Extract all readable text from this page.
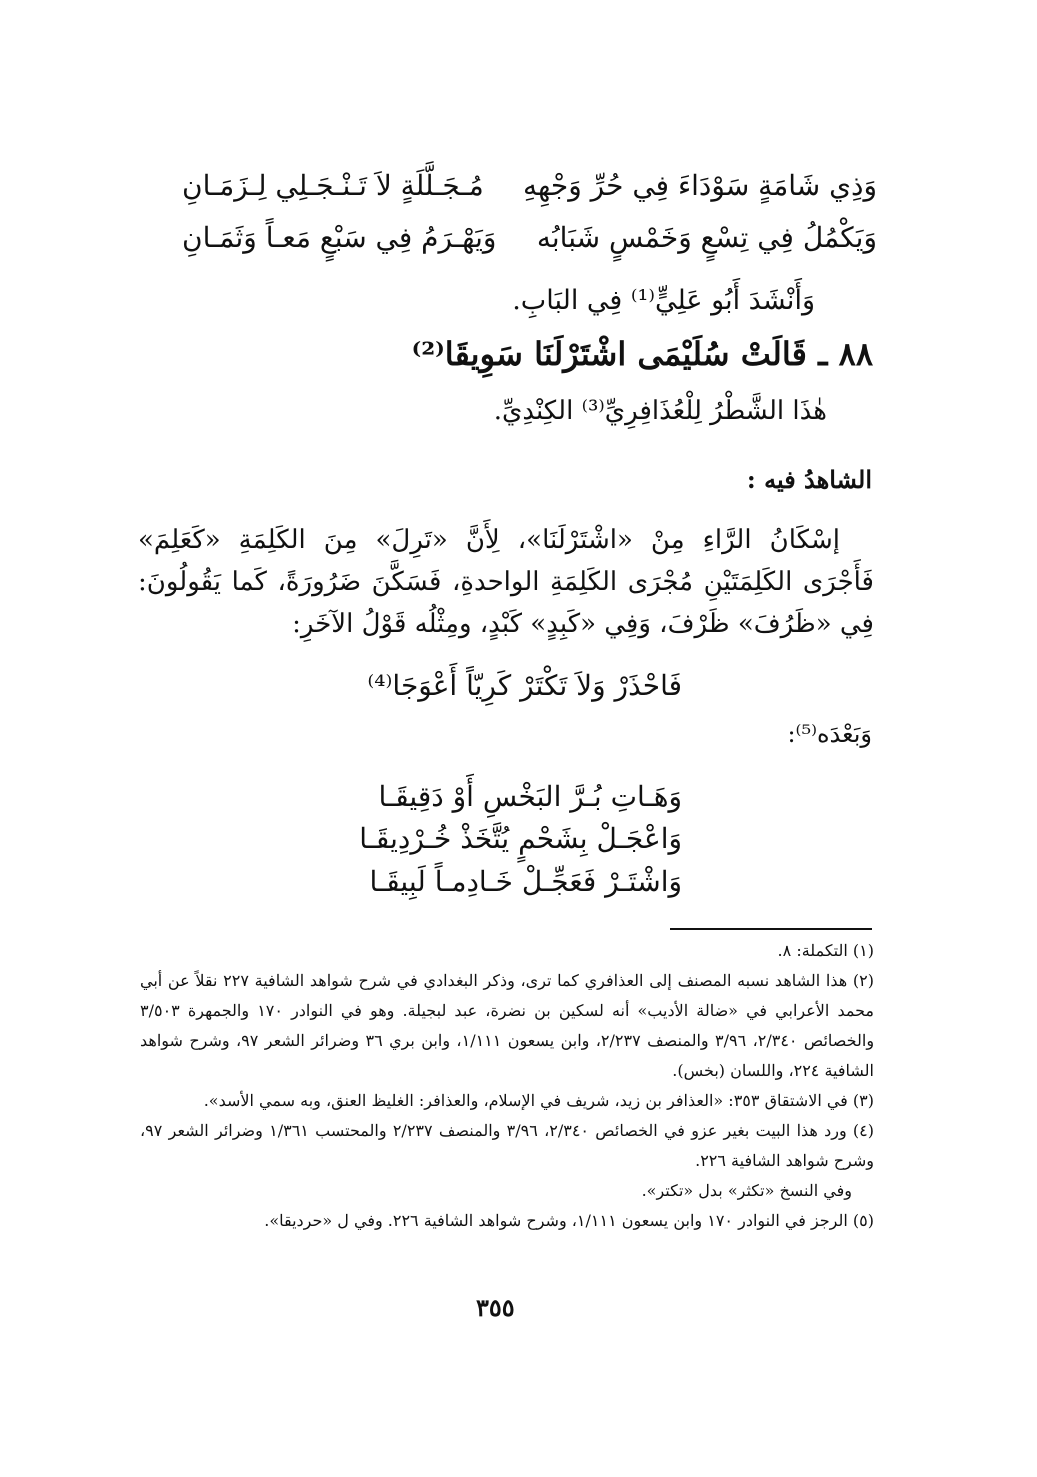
وَذِي شَامَةٍ سَوْدَاءَ فِي حُرِّ وَجْهِهِ
مُـجَـلَّلَةٍ لاَ تَـنْـجَـلِي لِـزَمَـانِ
وَيَكْمُلُ فِي تِسْعٍ وَخَمْسٍ شَبَابُه
وَيَهْـرَمُ فِي سَبْعٍ مَعـاً وَثَمَـانِ
وَأَنْشَدَ أَبُو عَلِيٍّ⁽¹⁾ فِي البَابِ.
٨٨ ـ قَالَتْ سُلَيْمَى اشْتَرْلَنَا سَوِيقَا⁽²⁾
هٰذَا الشَّطْرُ لِلْعُذَافِرِيِّ⁽³⁾ الكِنْدِيِّ.
الشاهدُ فيه :

إسْكَانُ الرَّاءِ مِنْ «اشْتَرْلَنَا»، لِأَنَّ «تَرِلَ» مِنَ الكَلِمَةِ «كَعَلِمَ» فَأَجْرَى الكَلِمَتَيْنِ مُجْرَى الكَلِمَةِ الواحدةِ، فَسَكَّنَ ضَرُورَةً، كَما يَقُولُونَ: فِي «ظَرُفَ» ظَرْفَ، وَفِي «كَبِدٍ» كَبْدٍ، ومِثْلُه قَوْلُ الآخَرِ:

فَاحْذَرْ وَلاَ تَكْتَرْ كَرِيّاً أَعْوَجَا⁽⁴⁾
وَبَعْدَه⁽⁵⁾:
وَهَـاتِ بُـرَّ البَخْسِ أَوْ دَقِيقَـا
وَاعْجَـلْ بِشَحْمٍ يُتَّخَذْ خُـرْدِيقَـا
وَاشْتَـرْ فَعَجِّـلْ خَـادِمـاً لَبِيقَـا

(١) التكملة: ٨.

(٢) هذا الشاهد نسبه المصنف إلى العذافري كما ترى، وذكر البغدادي في شرح شواهد الشافية ٢٢٧ نقلاً عن أبي محمد الأعرابي في «ضالة الأديب» أنه لسكين بن نضرة، عبد لبجيلة. وهو في النوادر ١٧٠ والجمهرة ٣/٥٠٣ والخصائص ٢/٣٤٠، ٣/٩٦ والمنصف ٢/٢٣٧، وابن يسعون ١/١١١، وابن بري ٣٦ وضرائر الشعر ٩٧، وشرح شواهد الشافية ٢٢٤، واللسان (بخس).

(٣) في الاشتقاق ٣٥٣: «العذافر بن زيد، شريف في الإسلام، والعذافر: الغليظ العنق، وبه سمي الأسد».

(٤) ورد هذا البيت بغير عزو في الخصائص ٢/٣٤٠، ٣/٩٦ والمنصف ٢/٢٣٧ والمحتسب ١/٣٦١ وضرائر الشعر ٩٧، وشرح شواهد الشافية ٢٢٦.

وفي النسخ «تكثر» بدل «تكتر».

(٥) الرجز في النوادر ١٧٠ وابن يسعون ١/١١١، وشرح شواهد الشافية ٢٢٦. وفي ل «حرديقا».

٣٥٥
